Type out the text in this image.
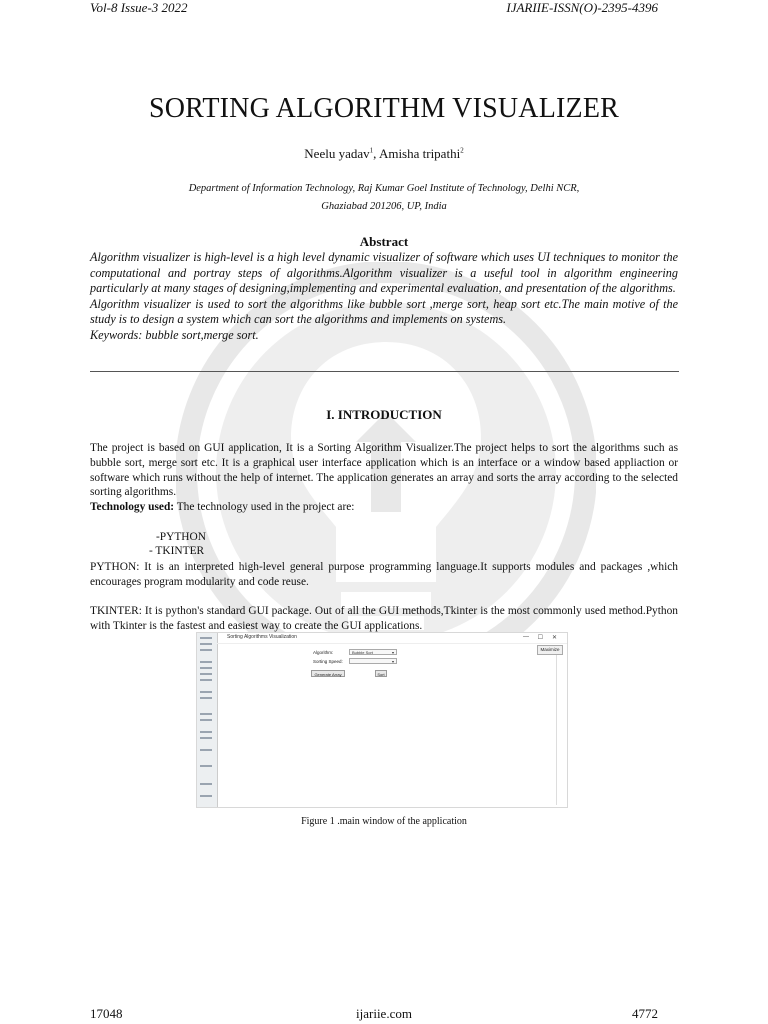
Vol-8 Issue-3 2022	IJARIIE-ISSN(O)-2395-4396
SORTING ALGORITHM VISUALIZER
Neelu yadav$^1$, Amisha tripathi$^2$
Department of Information Technology, Raj Kumar Goel Institute of Technology, Delhi NCR,
Ghaziabad 201206, UP, India
Abstract

Algorithm visualizer is high-level is a high level dynamic visualizer of software which uses UI techniques to monitor the computational and portray steps of algorithms.Algorithm visualizer is a useful tool in algorithm engineering particularly at many stages of designing,implementing and experimental evaluation, and presentation of the algorithms.

Algorithm visualizer is used to sort the algorithms like bubble sort ,merge sort, heap sort etc.The main motive of the study is to design a system which can sort the algorithms and implements on systems.

Keywords: bubble sort,merge sort.

I. INTRODUCTION

The project is based on GUI application, It is a Sorting Algorithm Visualizer.The project helps to sort the algorithms such as bubble sort, merge sort etc. It is a graphical user interface application which is an interface or a window based appliaction or software which runs without the help of internet. The application generates an array and sorts the array according to the selected sorting algorithms.

Technology used: The technology used in the project are:

-PYTHON
- TKINTER
PYTHON: It is an interpreted high-level general purpose programming language.It supports modules and packages ,which encourages program modularity and code reuse.
TKINTER: It is python's standard GUI package. Out of all the GUI methods,Tkinter is the most commonly used method.Python with Tkinter is the fastest and easiest way to create the GUI applications.
Sorting Algorithms Visualization	— ☐ ✕
Maximize
Algorithm:	Bubble Sort	▾
Sorting Speed:	▾
Generate Array	Sort
Figure 1 .main window of the application
17048	ijariie.com	4772
